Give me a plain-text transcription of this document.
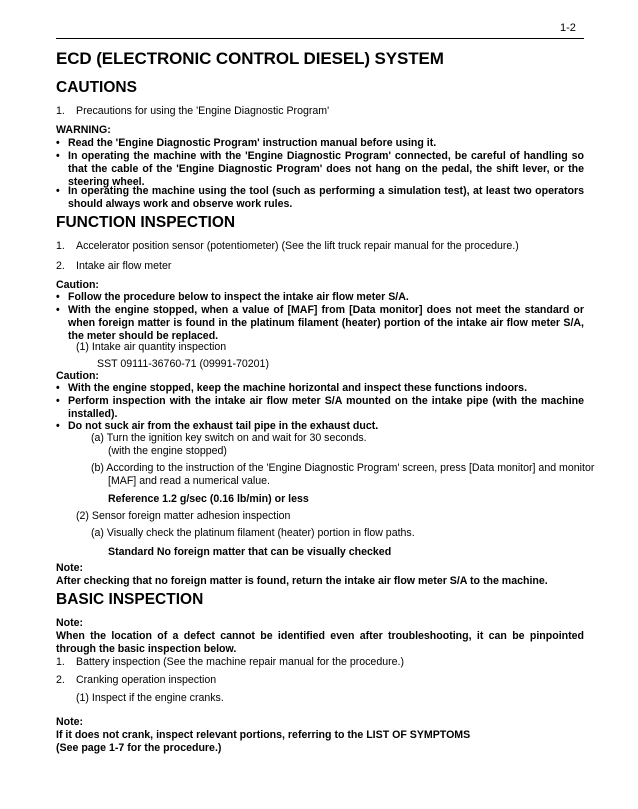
1-2
ECD (ELECTRONIC CONTROL DIESEL) SYSTEM
CAUTIONS
1. Precautions for using the 'Engine Diagnostic Program'
WARNING:
• Read the 'Engine Diagnostic Program' instruction manual before using it.
• In operating the machine with the 'Engine Diagnostic Program' connected, be careful of handling so that the cable of the 'Engine Diagnostic Program' does not hang on the pedal, the shift lever, or the steering wheel.
• In operating the machine using the tool (such as performing a simulation test), at least two operators should always work and observe work rules.
FUNCTION INSPECTION
1. Accelerator position sensor (potentiometer) (See the lift truck repair manual for the procedure.)
2. Intake air flow meter
Caution:
• Follow the procedure below to inspect the intake air flow meter S/A.
• With the engine stopped, when a value of [MAF] from [Data monitor] does not meet the standard or when foreign matter is found in the platinum filament (heater) portion of the intake air flow meter S/A, the meter should be replaced.
(1) Intake air quantity inspection
SST 09111-36760-71 (09991-70201)
Caution:
• With the engine stopped, keep the machine horizontal and inspect these functions indoors.
• Perform inspection with the intake air flow meter S/A mounted on the intake pipe (with the machine installed).
• Do not suck air from the exhaust tail pipe in the exhaust duct.
(a) Turn the ignition key switch on and wait for 30 seconds.
(with the engine stopped)
(b) According to the instruction of the 'Engine Diagnostic Program' screen, press [Data monitor] and monitor
[MAF] and read a numerical value.
Reference 1.2 g/sec (0.16 lb/min) or less
(2) Sensor foreign matter adhesion inspection
(a) Visually check the platinum filament (heater) portion in flow paths.
Standard No foreign matter that can be visually checked
Note:
After checking that no foreign matter is found, return the intake air flow meter S/A to the machine.
BASIC INSPECTION
Note:
When the location of a defect cannot be identified even after troubleshooting, it can be pinpointed through the basic inspection below.
1. Battery inspection (See the machine repair manual for the procedure.)
2. Cranking operation inspection
(1) Inspect if the engine cranks.
Note:
If it does not crank, inspect relevant portions, referring to the LIST OF SYMPTOMS
(See page 1-7 for the procedure.)
